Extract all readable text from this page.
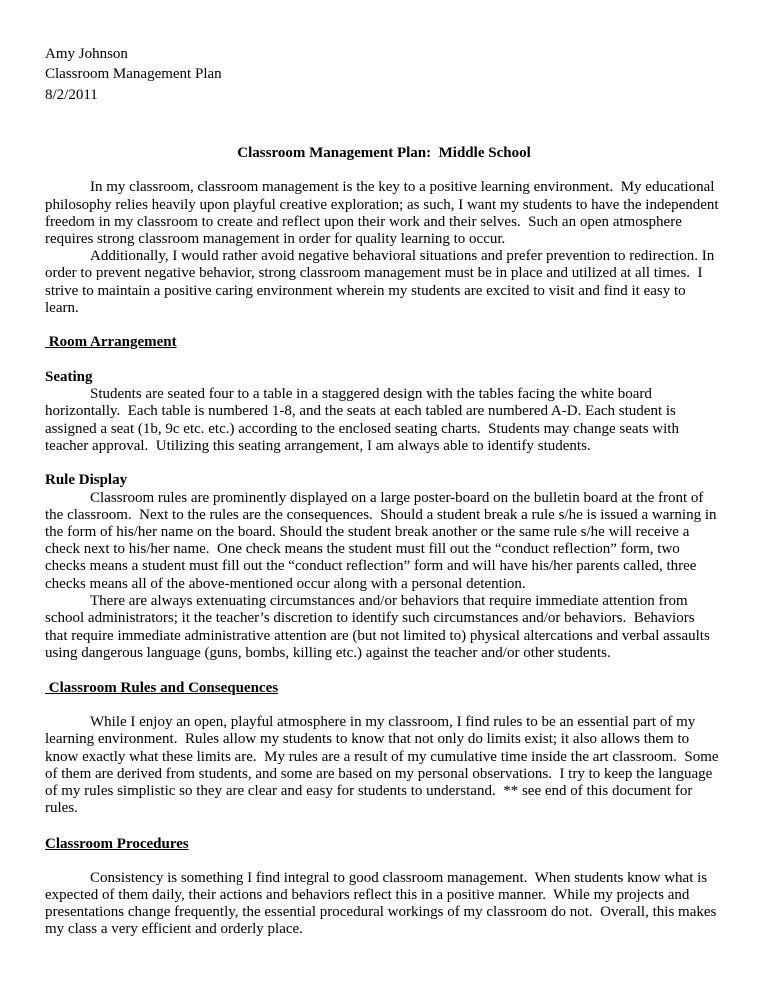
Amy Johnson
Classroom Management Plan
8/2/2011
Classroom Management Plan:  Middle School
In my classroom, classroom management is the key to a positive learning environment.  My educational
philosophy relies heavily upon playful creative exploration; as such, I want my students to have the independent
freedom in my classroom to create and reflect upon their work and their selves.  Such an open atmosphere
requires strong classroom management in order for quality learning to occur.
Additionally, I would rather avoid negative behavioral situations and prefer prevention to redirection. In
order to prevent negative behavior, strong classroom management must be in place and utilized at all times.  I
strive to maintain a positive caring environment wherein my students are excited to visit and find it easy to
learn.
Room Arrangement
Seating
Students are seated four to a table in a staggered design with the tables facing the white board
horizontally.  Each table is numbered 1-8, and the seats at each tabled are numbered A-D. Each student is
assigned a seat (1b, 9c etc. etc.) according to the enclosed seating charts.  Students may change seats with
teacher approval.  Utilizing this seating arrangement, I am always able to identify students.
Rule Display
Classroom rules are prominently displayed on a large poster-board on the bulletin board at the front of
the classroom.  Next to the rules are the consequences.  Should a student break a rule s/he is issued a warning in
the form of his/her name on the board. Should the student break another or the same rule s/he will receive a
check next to his/her name.  One check means the student must fill out the “conduct reflection” form, two
checks means a student must fill out the “conduct reflection” form and will have his/her parents called, three
checks means all of the above-mentioned occur along with a personal detention.
There are always extenuating circumstances and/or behaviors that require immediate attention from
school administrators; it the teacher’s discretion to identify such circumstances and/or behaviors.  Behaviors
that require immediate administrative attention are (but not limited to) physical altercations and verbal assaults
using dangerous language (guns, bombs, killing etc.) against the teacher and/or other students.
Classroom Rules and Consequences
While I enjoy an open, playful atmosphere in my classroom, I find rules to be an essential part of my
learning environment.  Rules allow my students to know that not only do limits exist; it also allows them to
know exactly what these limits are.  My rules are a result of my cumulative time inside the art classroom.  Some
of them are derived from students, and some are based on my personal observations.  I try to keep the language
of my rules simplistic so they are clear and easy for students to understand.  ** see end of this document for
rules.
Classroom Procedures
Consistency is something I find integral to good classroom management.  When students know what is
expected of them daily, their actions and behaviors reflect this in a positive manner.  While my projects and
presentations change frequently, the essential procedural workings of my classroom do not.  Overall, this makes
my class a very efficient and orderly place.
